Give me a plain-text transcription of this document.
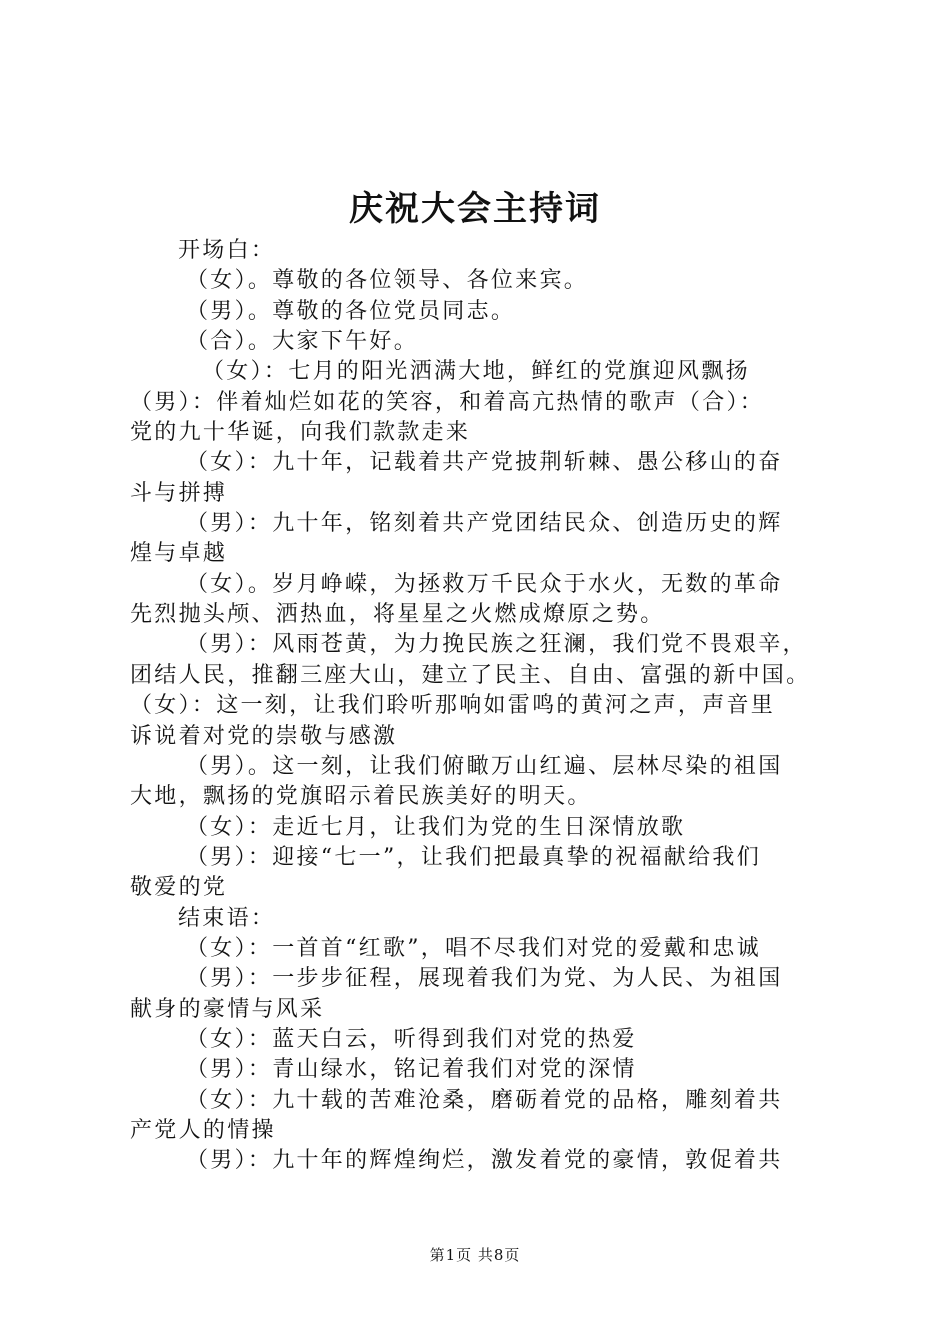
庆祝大会主持词
开场白：
（女）。尊敬的各位领导、各位来宾。
（男）。尊敬的各位党员同志。
（合）。大家下午好。
（女）：七月的阳光洒满大地，鲜红的党旗迎风飘扬
（男）：伴着灿烂如花的笑容，和着高亢热情的歌声（合）：
党的九十华诞，向我们款款走来
（女）：九十年，记载着共产党披荆斩棘、愚公移山的奋
斗与拼搏
（男）：九十年，铭刻着共产党团结民众、创造历史的辉
煌与卓越
（女）。岁月峥嵘，为拯救万千民众于水火，无数的革命
先烈抛头颅、洒热血，将星星之火燃成燎原之势。
（男）：风雨苍黄，为力挽民族之狂澜，我们党不畏艰辛，
团结人民，推翻三座大山，建立了民主、自由、富强的新中国。
（女）：这一刻，让我们聆听那响如雷鸣的黄河之声，声音里
诉说着对党的崇敬与感激
（男）。这一刻，让我们俯瞰万山红遍、层林尽染的祖国
大地，飘扬的党旗昭示着民族美好的明天。
（女）：走近七月，让我们为党的生日深情放歌
（男）：迎接“七一”，让我们把最真挚的祝福献给我们
敬爱的党
结束语：
（女）：一首首“红歌”，唱不尽我们对党的爱戴和忠诚
（男）：一步步征程，展现着我们为党、为人民、为祖国
献身的豪情与风采
（女）：蓝天白云，听得到我们对党的热爱
（男）：青山绿水，铭记着我们对党的深情
（女）：九十载的苦难沧桑，磨砺着党的品格，雕刻着共
产党人的情操
（男）：九十年的辉煌绚烂，激发着党的豪情，敦促着共
第1页 共8页
